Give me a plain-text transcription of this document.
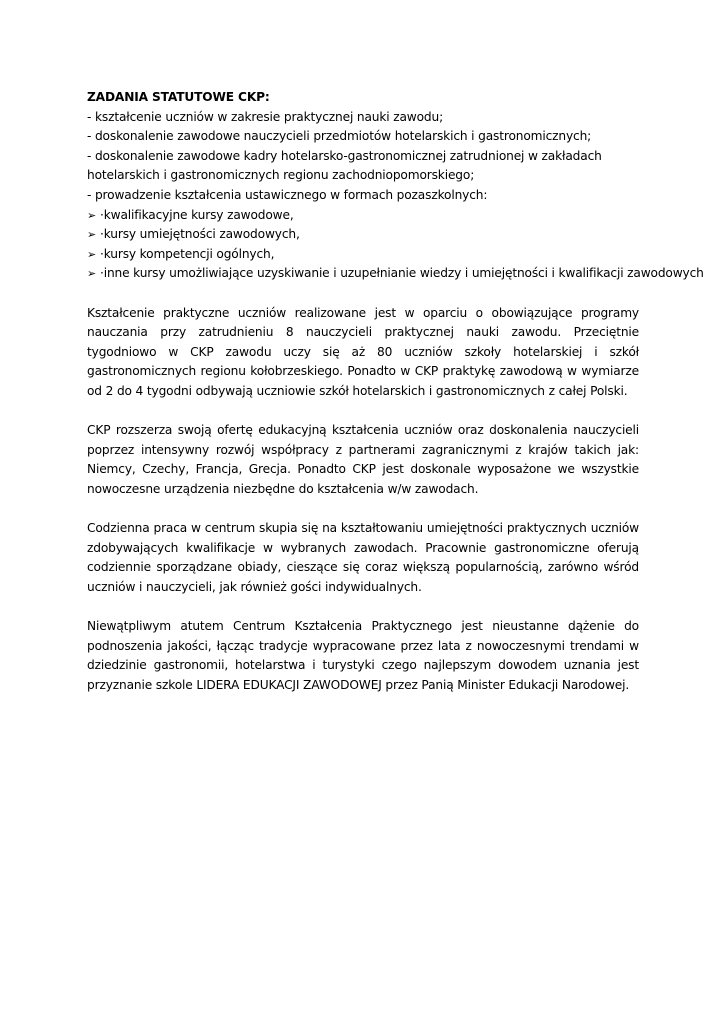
ZADANIA STATUTOWE CKP:

- kształcenie uczniów w zakresie praktycznej nauki zawodu;

- doskonalenie zawodowe nauczycieli przedmiotów hotelarskich i gastronomicznych;

- doskonalenie zawodowe kadry hotelarsko-gastronomicznej zatrudnionej w zakładach hotelarskich i gastronomicznych regionu zachodniopomorskiego;

- prowadzenie kształcenia ustawicznego w formach pozaszkolnych:

➢ ·kwalifikacyjne kursy zawodowe,

➢ ·kursy umiejętności zawodowych,

➢ ·kursy kompetencji ogólnych,

➢ ·inne kursy umożliwiające uzyskiwanie i uzupełnianie wiedzy i umiejętności i kwalifikacji zawodowych

Kształcenie praktyczne uczniów realizowane jest w oparciu o obowiązujące programy nauczania przy zatrudnieniu 8 nauczycieli praktycznej nauki zawodu. Przeciętnie tygodniowo w CKP zawodu uczy się aż 80 uczniów szkoły hotelarskiej i szkół gastronomicznych regionu kołobrzeskiego. Ponadto w CKP praktykę zawodową w wymiarze od 2 do 4 tygodni odbywają uczniowie szkół hotelarskich i gastronomicznych z całej Polski.

CKP rozszerza swoją ofertę edukacyjną kształcenia uczniów oraz doskonalenia nauczycieli poprzez intensywny rozwój współpracy z partnerami zagranicznymi z krajów takich jak: Niemcy, Czechy, Francja, Grecja. Ponadto CKP jest doskonale wyposażone we wszystkie nowoczesne urządzenia niezbędne do kształcenia w/w zawodach.

Codzienna praca w centrum skupia się na kształtowaniu umiejętności praktycznych uczniów zdobywających kwalifikacje w wybranych zawodach. Pracownie gastronomiczne oferują codziennie sporządzane obiady, cieszące się coraz większą popularnością, zarówno wśród uczniów i nauczycieli, jak również gości indywidualnych.

Niewątpliwym atutem Centrum Kształcenia Praktycznego jest nieustanne dążenie do podnoszenia jakości, łącząc tradycje wypracowane przez lata z nowoczesnymi trendami w dziedzinie gastronomii, hotelarstwa i turystyki czego najlepszym dowodem uznania jest przyznanie szkole LIDERA EDUKACJI ZAWODOWEJ przez Panią Minister Edukacji Narodowej.
